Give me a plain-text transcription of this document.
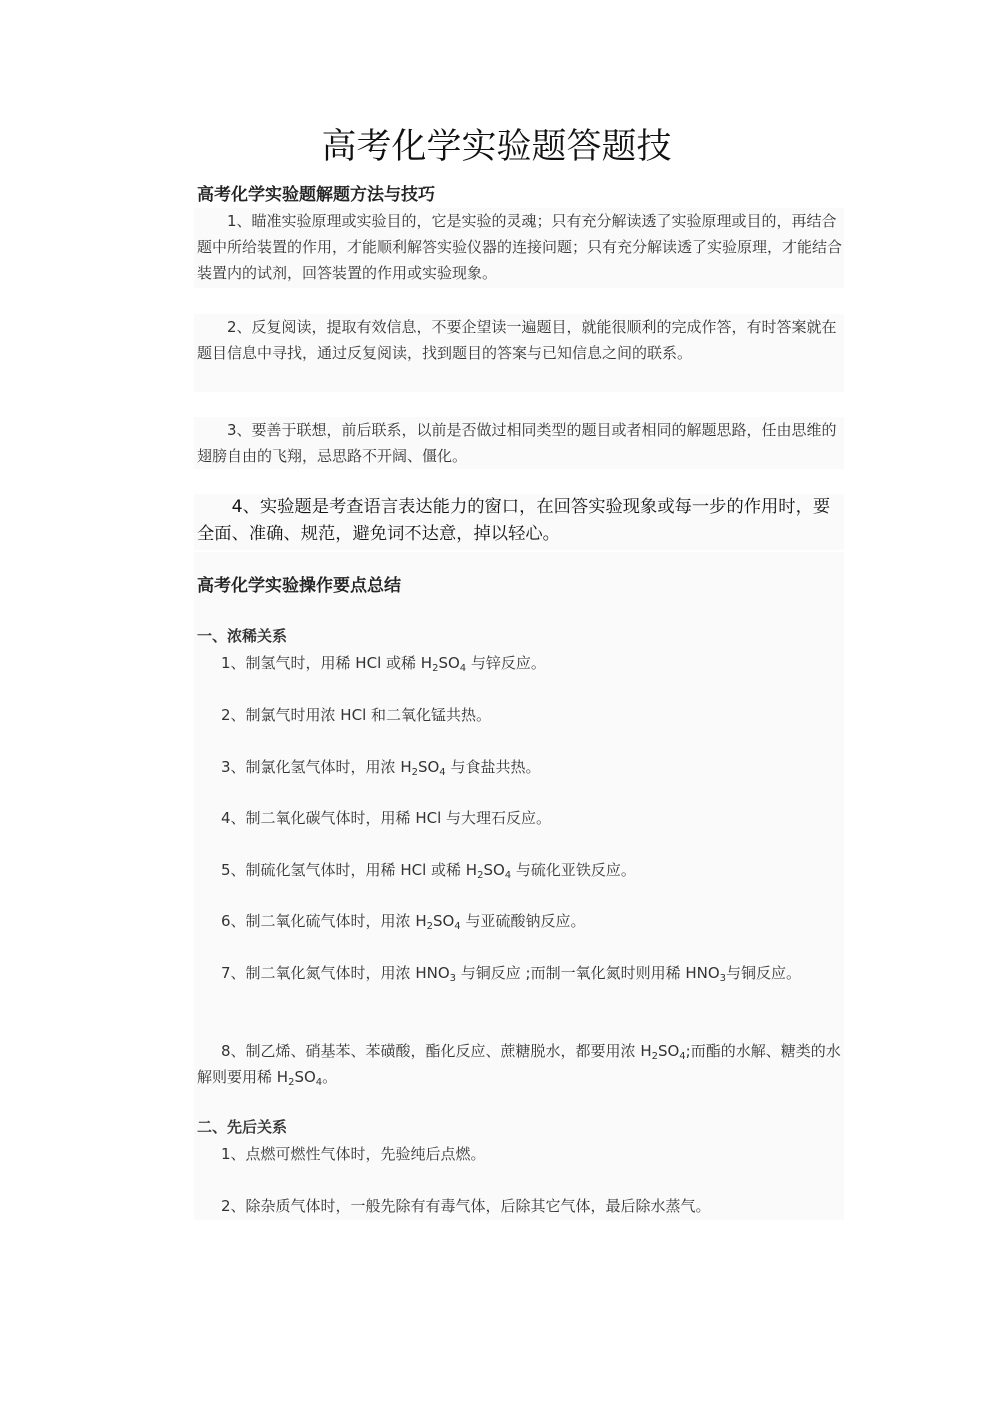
高考化学实验题答题技
高考化学实验题解题方法与技巧

1、瞄准实验原理或实验目的，它是实验的灵魂；只有充分解读透了实验原理或目的，再结合题中所给装置的作用，才能顺利解答实验仪器的连接问题；只有充分解读透了实验原理，才能结合装置内的试剂，回答装置的作用或实验现象。

2、反复阅读，提取有效信息，不要企望读一遍题目，就能很顺利的完成作答，有时答案就在题目信息中寻找，通过反复阅读，找到题目的答案与已知信息之间的联系。

3、要善于联想，前后联系，以前是否做过相同类型的题目或者相同的解题思路，任由思维的翅膀自由的飞翔，忌思路不开阔、僵化。

4、实验题是考查语言表达能力的窗口，在回答实验现象或每一步的作用时，要全面、准确、规范，避免词不达意，掉以轻心。

高考化学实验操作要点总结
一、浓稀关系

1、制氢气时，用稀 HCl 或稀 $H_2SO_4$ 与锌反应。

2、制氯气时用浓 HCl 和二氧化锰共热。

3、制氯化氢气体时，用浓 $H_2SO_4$ 与食盐共热。

4、制二氧化碳气体时，用稀 HCl 与大理石反应。

5、制硫化氢气体时，用稀 HCl 或稀 $H_2SO_4$ 与硫化亚铁反应。

6、制二氧化硫气体时，用浓 $H_2SO_4$ 与亚硫酸钠反应。

7、制二氧化氮气体时，用浓 $HNO_3$ 与铜反应 ;而制一氧化氮时则用稀 $HNO_3$与铜反应。

8、制乙烯、硝基苯、苯磺酸，酯化反应、蔗糖脱水，都要用浓 $H_2SO_4$;而酯的水解、糖类的水解则要用稀 $H_2SO_4$。

二、先后关系

1、点燃可燃性气体时，先验纯后点燃。

2、除杂质气体时，一般先除有有毒气体，后除其它气体，最后除水蒸气。
